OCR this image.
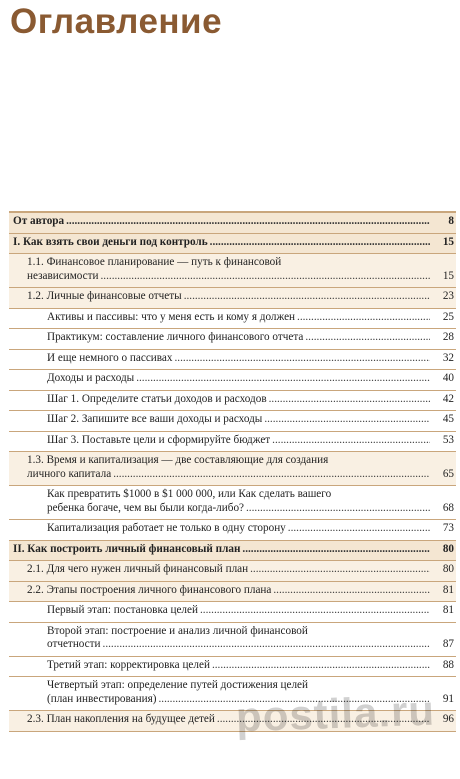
Оглавление
От автора .....	8
I. Как взять свои деньги под контроль .....	15
1.1. Финансовое планирование — путь к финансовой
независимости .....	15
1.2. Личные финансовые отчеты .....	23
Активы и пассивы: что у меня есть и кому я должен .....	25
Практикум: составление личного финансового отчета .....	28
И еще немного о пассивах .....	32
Доходы и расходы .....	40
Шаг 1. Определите статьи доходов и расходов .....	42
Шаг 2. Запишите все ваши доходы и расходы .....	45
Шаг 3. Поставьте цели и сформируйте бюджет .....	53
1.3. Время и капитализация — две составляющие для создания
личного капитала .....	65
Как превратить $1000 в $1 000 000, или Как сделать вашего
ребенка богаче, чем вы были когда-либо? .....	68
Капитализация работает не только в одну сторону .....	73
II. Как построить личный финансовый план .....	80
2.1. Для чего нужен личный финансовый план .....	80
2.2. Этапы построения личного финансового плана .....	81
Первый этап: постановка целей .....	81
Второй этап: построение и анализ личной финансовой
отчетности .....	87
Третий этап: корректировка целей .....	88
Четвертый этап: определение путей достижения целей
(план инвестирования) .....	91
2.3. План накопления на будущее детей .....	96
